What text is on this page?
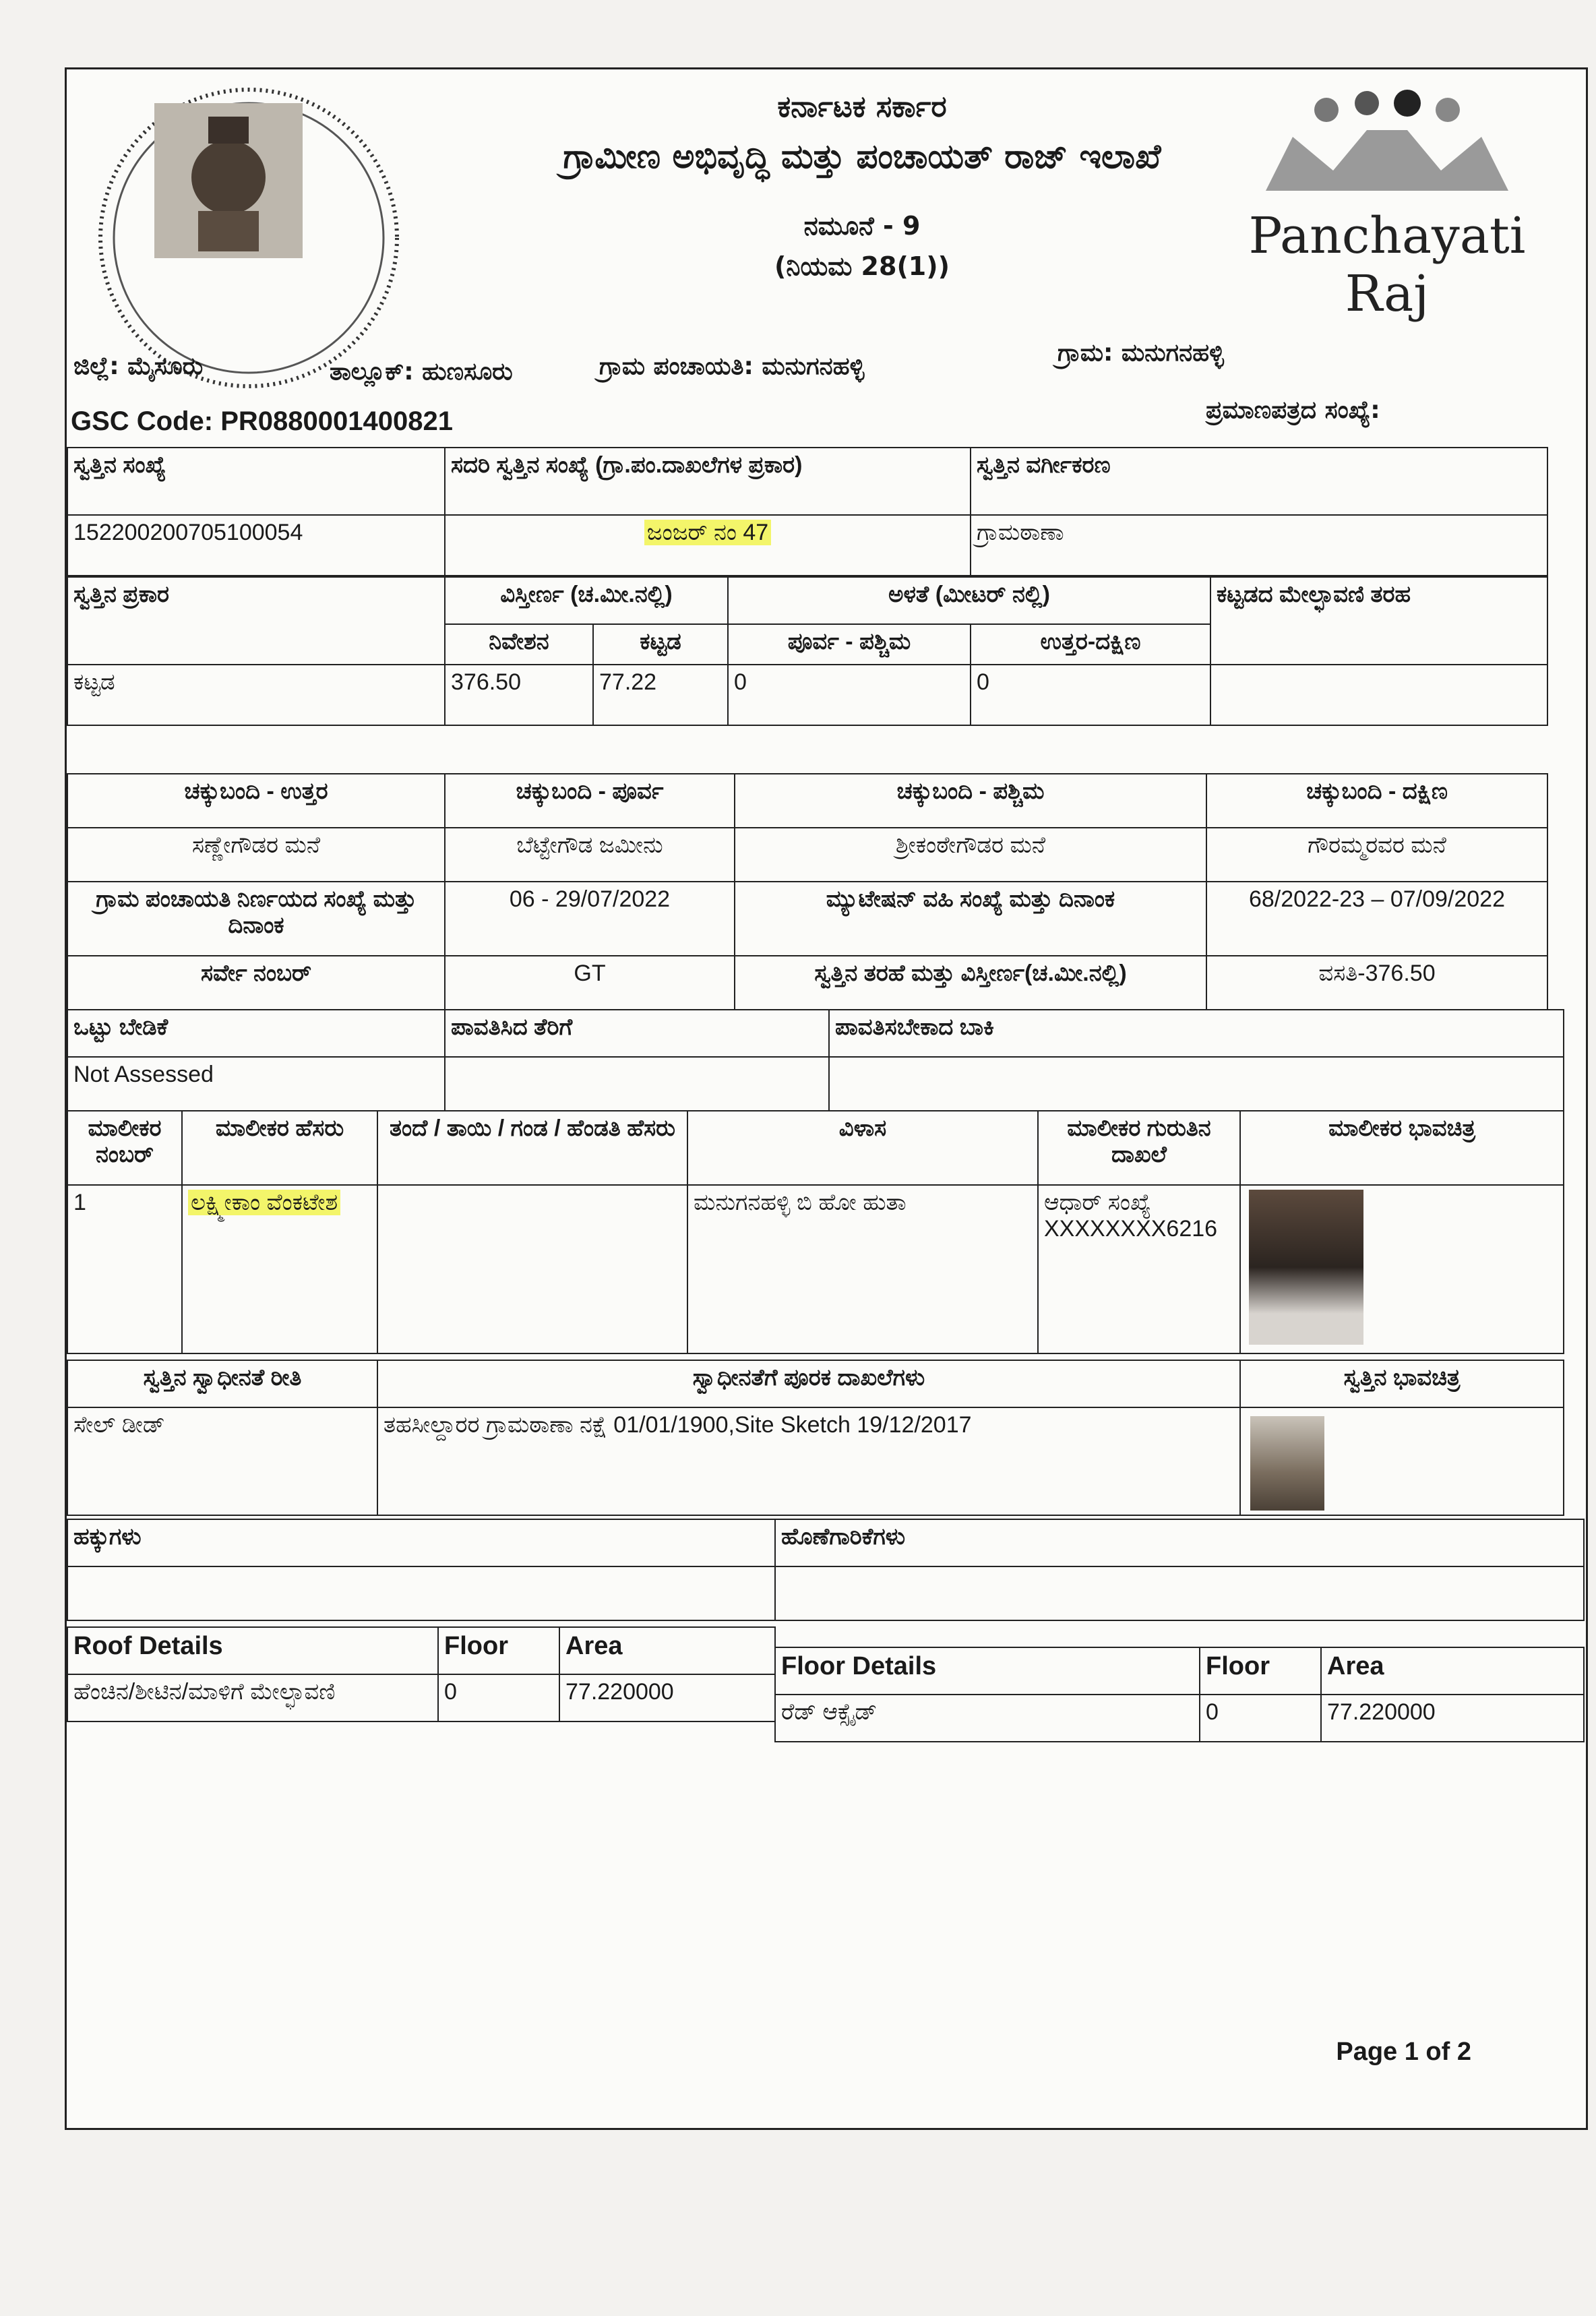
ಕರ್ನಾಟಕ ಸರ್ಕಾರ
ಗ್ರಾಮೀಣ ಅಭಿವೃದ್ಧಿ ಮತ್ತು ಪಂಚಾಯತ್ ರಾಜ್ ಇಲಾಖೆ
ನಮೂನೆ - 9
(ನಿಯಮ 28(1))
Panchayati Raj
ಜಿಲ್ಲೆ: ಮೈಸೂರು	ತಾಲ್ಲೂಕ್: ಹುಣಸೂರು	ಗ್ರಾಮ ಪಂಚಾಯತಿ: ಮನುಗನಹಳ್ಳಿ	ಗ್ರಾಮ: ಮನುಗನಹಳ್ಳಿ
GSC Code: PR0880001400821	ಪ್ರಮಾಣಪತ್ರದ ಸಂಖ್ಯೆ:
ಸ್ವತ್ತಿನ ಸಂಖ್ಯೆ	ಸದರಿ ಸ್ವತ್ತಿನ ಸಂಖ್ಯೆ (ಗ್ರಾ.ಪಂ.ದಾಖಲೆಗಳ ಪ್ರಕಾರ)	ಸ್ವತ್ತಿನ ವರ್ಗೀಕರಣ
152200200705100054	ಜಂಜರ್ ನಂ 47	ಗ್ರಾಮಠಾಣಾ
ಸ್ವತ್ತಿನ ಪ್ರಕಾರ	ವಿಸ್ತೀರ್ಣ (ಚ.ಮೀ.ನಲ್ಲಿ)		ಅಳತೆ (ಮೀಟರ್ ನಲ್ಲಿ)		ಕಟ್ಟಡದ ಮೇಲ್ಛಾವಣಿ ತರಹ
	ನಿವೇಶನ	ಕಟ್ಟಡ	ಪೂರ್ವ - ಪಶ್ಚಿಮ	ಉತ್ತರ-ದಕ್ಷಿಣ	
ಕಟ್ಟಡ	376.50	77.22	0	0	
ಚಕ್ಕುಬಂದಿ - ಉತ್ತರ	ಚಕ್ಕುಬಂದಿ - ಪೂರ್ವ	ಚಕ್ಕುಬಂದಿ - ಪಶ್ಚಿಮ	ಚಕ್ಕುಬಂದಿ - ದಕ್ಷಿಣ
ಸಣ್ಣೇಗೌಡರ ಮನೆ	ಬೆಟ್ಟೇಗೌಡ ಜಮೀನು	ಶ್ರೀಕಂಠೇಗೌಡರ ಮನೆ	ಗೌರಮ್ಮರವರ ಮನೆ
ಗ್ರಾಮ ಪಂಚಾಯತಿ ನಿರ್ಣಯದ ಸಂಖ್ಯೆ ಮತ್ತು ದಿನಾಂಕ	06 - 29/07/2022	ಮ್ಯುಟೇಷನ್ ವಹಿ ಸಂಖ್ಯೆ ಮತ್ತು ದಿನಾಂಕ	68/2022-23 – 07/09/2022
ಸರ್ವೇ ನಂಬರ್	GT	ಸ್ವತ್ತಿನ ತರಹೆ ಮತ್ತು ವಿಸ್ತೀರ್ಣ(ಚ.ಮೀ.ನಲ್ಲಿ)	ವಸತಿ-376.50
ಒಟ್ಟು ಬೇಡಿಕೆ	ಪಾವತಿಸಿದ ತೆರಿಗೆ	ಪಾವತಿಸಬೇಕಾದ ಬಾಕಿ
Not Assessed		
ಮಾಲೀಕರ ನಂಬರ್	ಮಾಲೀಕರ ಹೆಸರು	ತಂದೆ / ತಾಯಿ / ಗಂಡ / ಹೆಂಡತಿ ಹೆಸರು	ವಿಳಾಸ	ಮಾಲೀಕರ ಗುರುತಿನ ದಾಖಲೆ	ಮಾಲೀಕರ ಭಾವಚಿತ್ರ
1	ಲಕ್ಷ್ಮೀಕಾಂ ವೆಂಕಟೇಶ		ಮನುಗನಹಳ್ಳಿ ಬಿ ಹೋ ಹುತಾ	ಆಧಾರ್ ಸಂಖ್ಯೆ
XXXXXXXX6216	

ಸ್ವತ್ತಿನ ಸ್ವಾಧೀನತೆ ರೀತಿ	ಸ್ವಾಧೀನತೆಗೆ ಪೂರಕ ದಾಖಲೆಗಳು	ಸ್ವತ್ತಿನ ಭಾವಚಿತ್ರ
ಸೇಲ್ ಡೀಡ್	ತಹಸೀಲ್ದಾರರ ಗ್ರಾಮಠಾಣಾ ನಕ್ಷೆ 01/01/1900,Site Sketch 19/12/2017	
ಹಕ್ಕುಗಳು	ಹೊಣೆಗಾರಿಕೆಗಳು

Roof Details	Floor	Area
ಹೆಂಚಿನ/ಶೀಟಿನ/ಮಾಳಿಗೆ ಮೇಲ್ಛಾವಣಿ	0	77.220000
Floor Details	Floor	Area
ರೆಡ್ ಆಕ್ಸೈಡ್	0	77.220000
Page 1 of 2
